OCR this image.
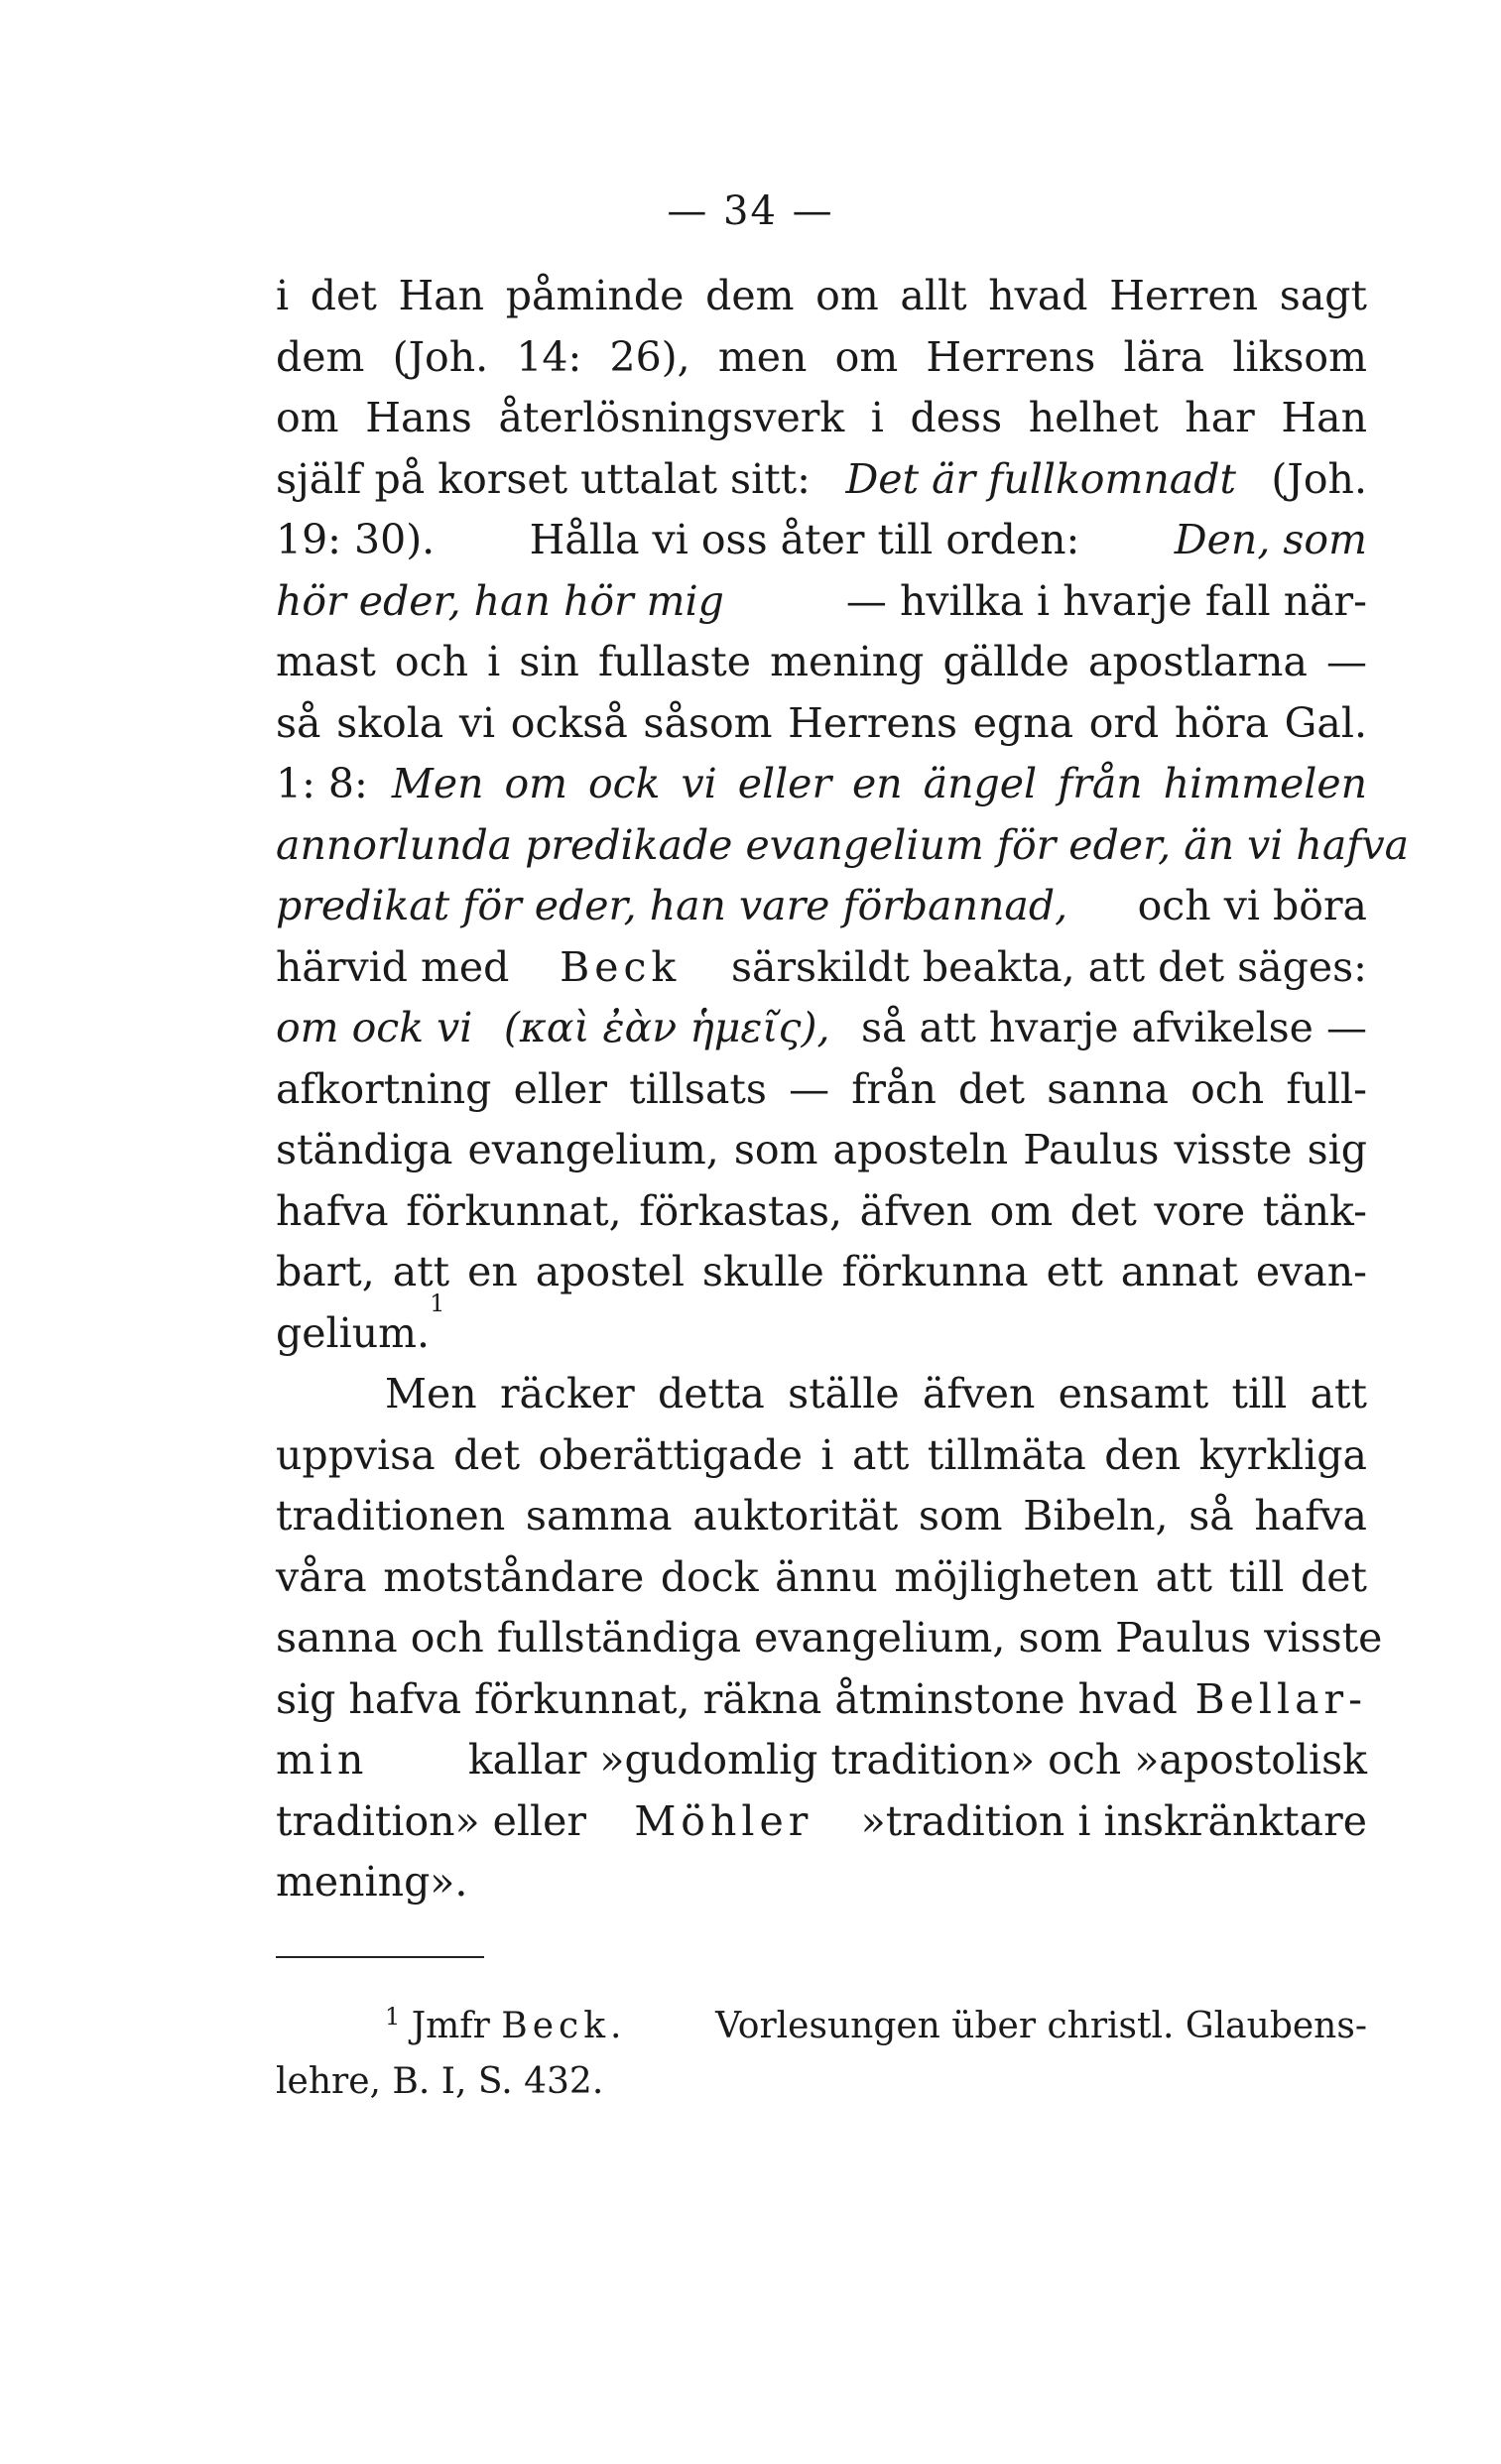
— 34 —
i det Han påminde dem om allt hvad Herren sagt
dem (Joh. 14: 26), men om Herrens lära liksom
om Hans återlösningsverk i dess helhet har Han
själf på korset uttalat sitt: Det är fullkomnadt (Joh.
19: 30). Hålla vi oss åter till orden: Den, som
hör eder, han hör mig	— hvilka i hvarje fall när-
mast och i sin fullaste mening gällde apostlarna —
så skola vi också såsom Herrens egna ord höra Gal.
1: 8: Men om ock vi eller en ängel från himmelen
annorlunda predikade evangelium för eder, än vi hafva
predikat för eder, han vare förbannad, och vi böra
härvid med Beck särskildt beakta, att det säges:
om ock vi (καὶ ἐὰν ἡμεῖς), så att hvarje afvikelse —
afkortning eller tillsats — från det sanna och full-
ständiga evangelium, som aposteln Paulus visste sig
hafva förkunnat, förkastas, äfven om det vore tänk-
bart, att en apostel skulle förkunna ett annat evan-
gelium.
1
Men räcker detta ställe äfven ensamt till att
uppvisa det oberättigade i att tillmäta den kyrkliga
traditionen samma auktorität som Bibeln, så hafva
våra motståndare dock ännu möjligheten att till det
sanna och fullständiga evangelium, som Paulus visste
sig hafva förkunnat, räkna åtminstone hvad Bellar-
min kallar »gudomlig tradition» och »apostolisk
tradition» eller Möhler »tradition i inskränktare
mening».
$^1$ Jmfr Beck. Vorlesungen über christl. Glaubens-
lehre, B. I, S. 432.
